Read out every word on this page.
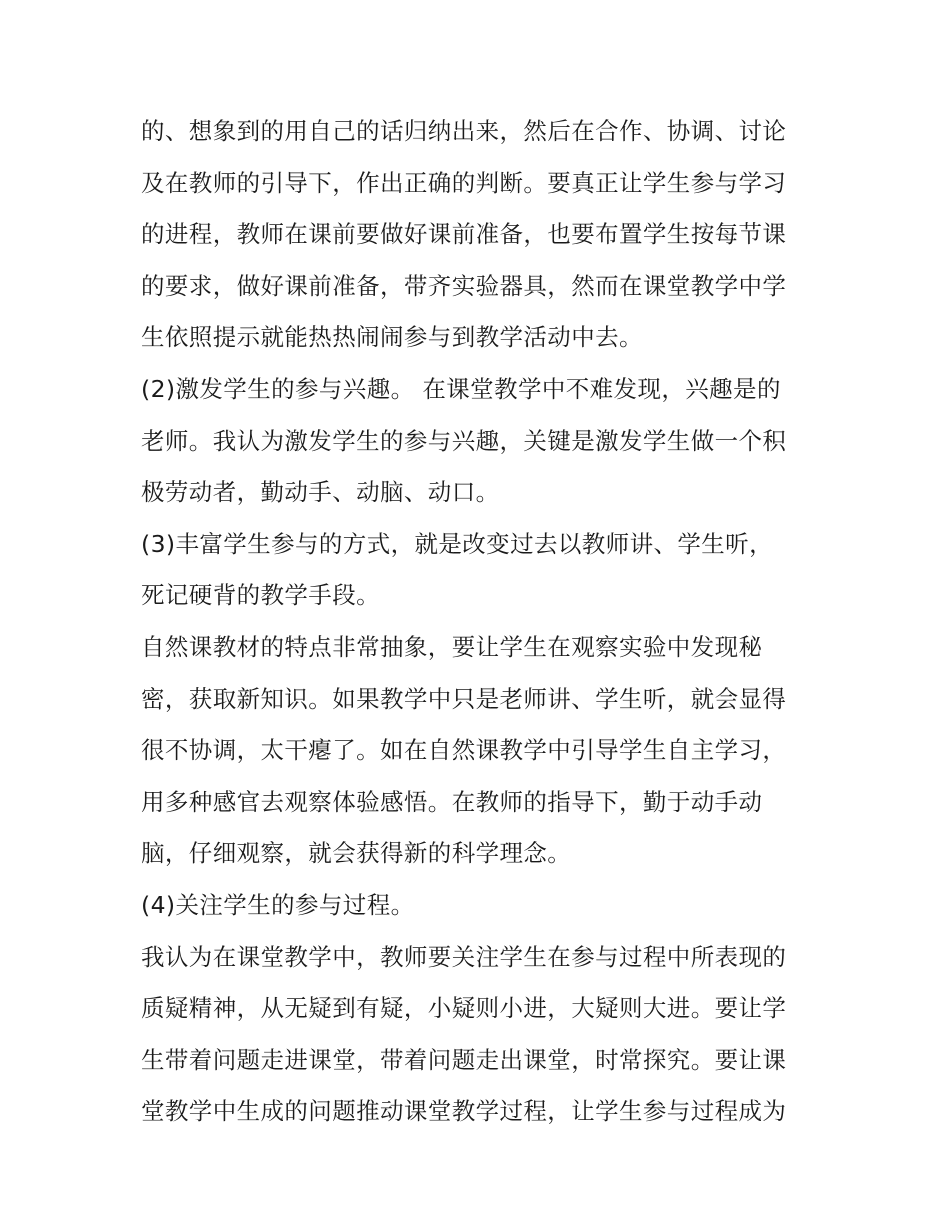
的、想象到的用自己的话归纳出来，然后在合作、协调、讨论
及在教师的引导下，作出正确的判断。要真正让学生参与学习
的进程，教师在课前要做好课前准备，也要布置学生按每节课
的要求，做好课前准备，带齐实验器具，然而在课堂教学中学
生依照提示就能热热闹闹参与到教学活动中去。
(2)激发学生的参与兴趣。 在课堂教学中不难发现，兴趣是的
老师。我认为激发学生的参与兴趣，关键是激发学生做一个积
极劳动者，勤动手、动脑、动口。
(3)丰富学生参与的方式，就是改变过去以教师讲、学生听，
死记硬背的教学手段。
自然课教材的特点非常抽象，要让学生在观察实验中发现秘
密，获取新知识。如果教学中只是老师讲、学生听，就会显得
很不协调，太干瘪了。如在自然课教学中引导学生自主学习，
用多种感官去观察体验感悟。在教师的指导下，勤于动手动
脑，仔细观察，就会获得新的科学理念。
(4)关注学生的参与过程。
我认为在课堂教学中，教师要关注学生在参与过程中所表现的
质疑精神，从无疑到有疑，小疑则小进，大疑则大进。要让学
生带着问题走进课堂，带着问题走出课堂，时常探究。要让课
堂教学中生成的问题推动课堂教学过程，让学生参与过程成为
